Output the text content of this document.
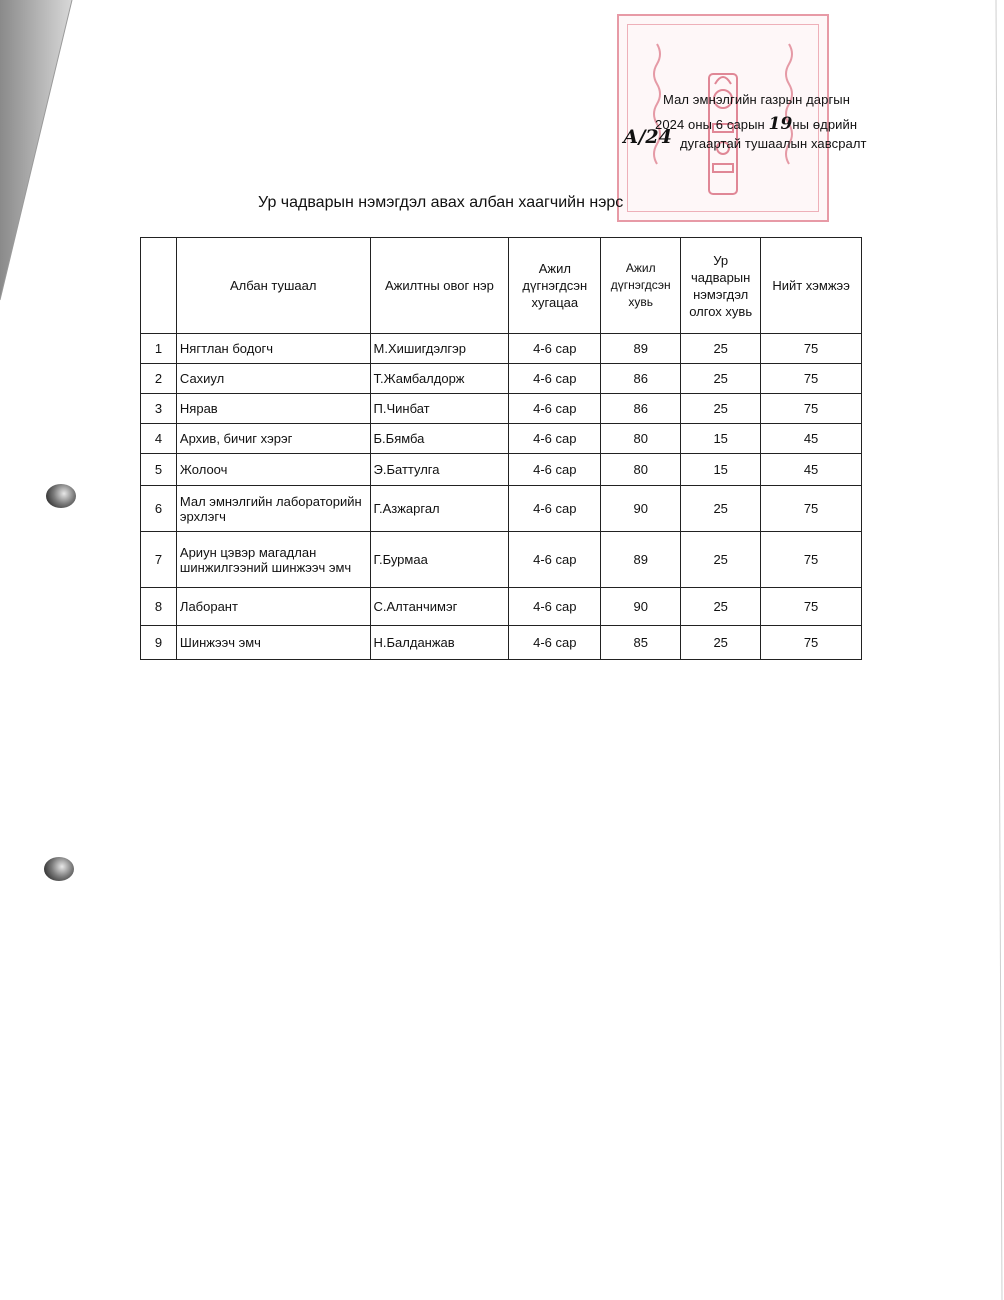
Мал эмнэлгийн газрын даргын
2024 оны 6 сарын 19ны өдрийн
А/24 дугаартай тушаалын хавсралт
Ур чадварын нэмэгдэл авах албан хаагчийн нэрс
	Албан тушаал	Ажилтны овог нэр	Ажил дүгнэгдсэн хугацаа	Ажил дүгнэгдсэн хувь	Ур чадварын нэмэгдэл олгох хувь	Нийт хэмжээ
1	Нягтлан бодогч	М.Хишигдэлгэр	4-6 сар	89	25	75
2	Сахиул	Т.Жамбалдорж	4-6 сар	86	25	75
3	Нярав	П.Чинбат	4-6 сар	86	25	75
4	Архив, бичиг хэрэг	Б.Бямба	4-6 сар	80	15	45
5	Жолооч	Э.Баттулга	4-6 сар	80	15	45
6	Мал эмнэлгийн лабораторийн эрхлэгч	Г.Азжаргал	4-6 сар	90	25	75
7	Ариун цэвэр магадлан шинжилгээний шинжээч эмч	Г.Бурмаа	4-6 сар	89	25	75
8	Лаборант	С.Алтанчимэг	4-6 сар	90	25	75
9	Шинжээч эмч	Н.Балданжав	4-6 сар	85	25	75
